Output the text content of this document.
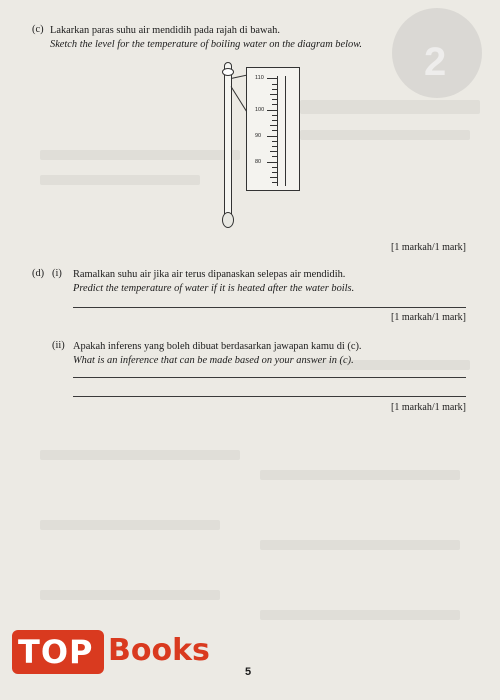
2
(c) Lakarkan paras suhu air mendidih pada rajah di bawah.
Sketch the level for the temperature of boiling water on the diagram below.
110
100
90
80
[1 markah/1 mark]
(d) (i) Ramalkan suhu air jika air terus dipanaskan selepas air mendidih.
Predict the temperature of water if it is heated after the water boils.
[1 markah/1 mark]
(ii) Apakah inferens yang boleh dibuat berdasarkan jawapan kamu di (c).
What is an inference that can be made based on your answer in (c).
[1 markah/1 mark]
TOP Books
5
